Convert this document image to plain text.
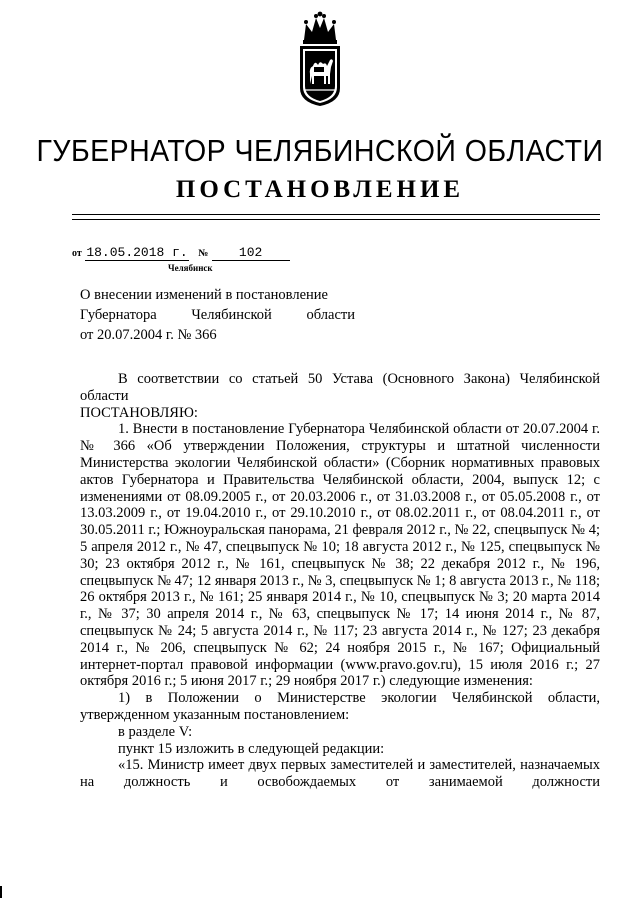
ГУБЕРНАТОР ЧЕЛЯБИНСКОЙ ОБЛАСТИ
ПОСТАНОВЛЕНИЕ
от 18.05.2018 г. № 102
Челябинск
О внесении изменений в постановление
Губернатора Челябинской области
от 20.07.2004 г. № 366
В соответствии со статьей 50 Устава (Основного Закона) Челябинской области
ПОСТАНОВЛЯЮ:
1. Внести в постановление Губернатора Челябинской области от 20.07.2004 г. № 366 «Об утверждении Положения, структуры и штатной численности Министерства экологии Челябинской области» (Сборник нормативных правовых актов Губернатора и Правительства Челябинской области, 2004, выпуск 12; с изменениями от 08.09.2005 г., от 20.03.2006 г., от 31.03.2008 г., от 05.05.2008 г., от 13.03.2009 г., от 19.04.2010 г., от 29.10.2010 г., от 08.02.2011 г., от 08.04.2011 г., от 30.05.2011 г.; Южноуральская панорама, 21 февраля 2012 г., № 22, спецвыпуск № 4; 5 апреля 2012 г., № 47, спецвыпуск № 10; 18 августа 2012 г., № 125, спецвыпуск № 30; 23 октября 2012 г., № 161, спецвыпуск № 38; 22 декабря 2012 г., № 196, спецвыпуск № 47; 12 января 2013 г., № 3, спецвыпуск № 1; 8 августа 2013 г., № 118; 26 октября 2013 г., № 161; 25 января 2014 г., № 10, спецвыпуск № 3; 20 марта 2014 г., № 37; 30 апреля 2014 г., № 63, спецвыпуск № 17; 14 июня 2014 г., № 87, спецвыпуск № 24; 5 августа 2014 г., № 117; 23 августа 2014 г., № 127; 23 декабря 2014 г., № 206, спецвыпуск № 62; 24 ноября 2015 г., № 167; Официальный интернет-портал правовой информации (www.pravo.gov.ru), 15 июля 2016 г.; 27 октября 2016 г.; 5 июня 2017 г.; 29 ноября 2017 г.) следующие изменения:
1) в Положении о Министерстве экологии Челябинской области, утвержденном указанным постановлением:
в разделе V:
пункт 15 изложить в следующей редакции:
«15. Министр имеет двух первых заместителей и заместителей, назначаемых на должность и освобождаемых от занимаемой должности
